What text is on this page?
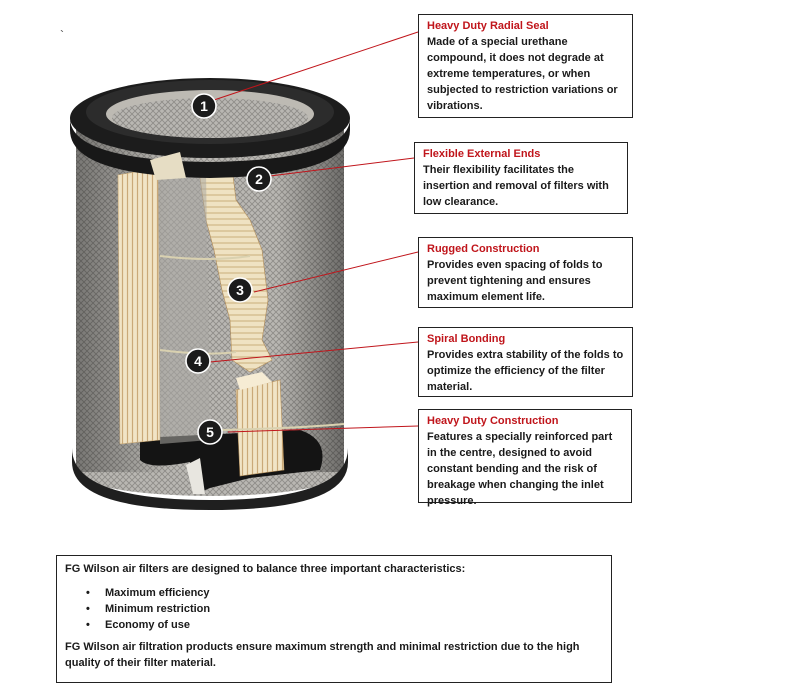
`
1
2
3
4
5
Heavy Duty Radial Seal
Made of a special urethane compound, it does not degrade at extreme temperatures, or when subjected to restriction variations or vibrations.
Flexible External Ends
Their flexibility facilitates the insertion and removal of filters with low clearance.
Rugged Construction
Provides even spacing of folds to prevent tightening and ensures maximum element life.
Spiral Bonding
Provides extra stability of the folds to optimize the efficiency of the filter material.
Heavy Duty Construction
Features a specially reinforced part in the centre, designed to avoid constant bending and the risk of breakage when changing the inlet pressure.

FG Wilson air filters are designed to balance three important characteristics:

• Maximum efficiency
• Minimum restriction
• Economy of use

FG Wilson air filtration products ensure maximum strength and minimal restriction due to the high quality of their filter material.
